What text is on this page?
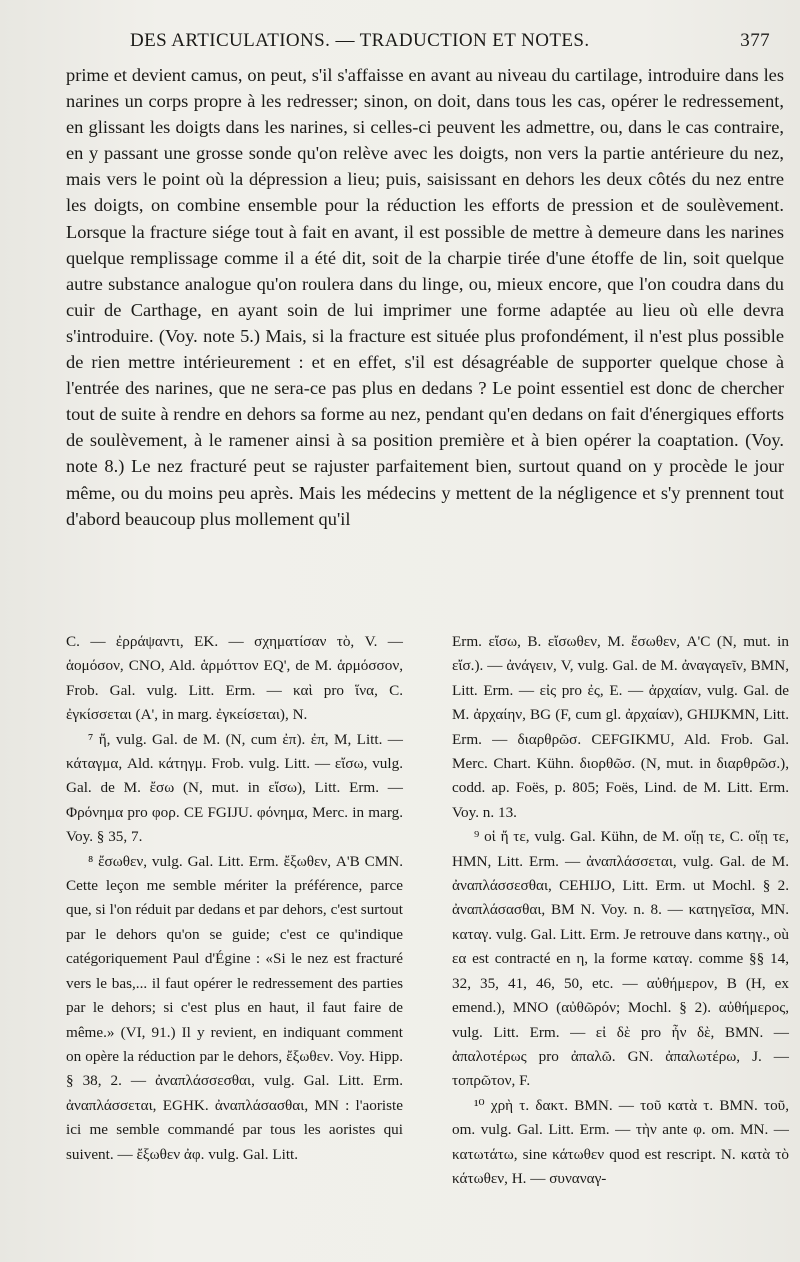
DES ARTICULATIONS. — TRADUCTION ET NOTES.	377

prime et devient camus, on peut, s'il s'affaisse en avant au niveau du cartilage, introduire dans les narines un corps propre à les redresser; sinon, on doit, dans tous les cas, opérer le redressement, en glissant les doigts dans les narines, si celles-ci peuvent les admettre, ou, dans le cas contraire, en y passant une grosse sonde qu'on relève avec les doigts, non vers la partie antérieure du nez, mais vers le point où la dépression a lieu; puis, saisissant en dehors les deux côtés du nez entre les doigts, on combine ensemble pour la réduction les efforts de pression et de soulèvement. Lorsque la fracture siége tout à fait en avant, il est possible de mettre à demeure dans les narines quelque remplissage comme il a été dit, soit de la charpie tirée d'une étoffe de lin, soit quelque autre substance analogue qu'on roulera dans du linge, ou, mieux encore, que l'on coudra dans du cuir de Carthage, en ayant soin de lui imprimer une forme adaptée au lieu où elle devra s'introduire. (Voy. note 5.) Mais, si la fracture est située plus profondément, il n'est plus possible de rien mettre intérieurement : et en effet, s'il est désagréable de supporter quelque chose à l'entrée des narines, que ne sera-ce pas plus en dedans ? Le point essentiel est donc de chercher tout de suite à rendre en dehors sa forme au nez, pendant qu'en dedans on fait d'énergiques efforts de soulèvement, à le ramener ainsi à sa position première et à bien opérer la coaptation. (Voy. note 8.) Le nez fracturé peut se rajuster parfaitement bien, surtout quand on y procède le jour même, ou du moins peu après. Mais les médecins y mettent de la négligence et s'y prennent tout d'abord beaucoup plus mollement qu'il

C. — ἐρράψαντι, EK. — σχηματίσαν τὸ, V. — ἁομόσον, CNO, Ald. ἁρμόττον EQ', de M. ἁρμόσσον, Frob. Gal. vulg. Litt. Erm. — καὶ pro ἵνα, C. ἐγκίσσεται (A', in marg. ἐγκείσεται), N.

⁷ ἤ, vulg. Gal. de M. (N, cum ἐπ). ἐπ, M, Litt. — κάταγμα, Ald. κάτηγμ. Frob. vulg. Litt. — εἴσω, vulg. Gal. de M. ἔσω (N, mut. in εἴσω), Litt. Erm. — Φρόνημα pro φορ. CE FGIJU. φόνημα, Merc. in marg. Voy. § 35, 7.

⁸ ἔσωθεν, vulg. Gal. Litt. Erm. ἔξωθεν, A'B CMN. Cette leçon me semble mériter la préférence, parce que, si l'on réduit par dedans et par dehors, c'est surtout par le dehors qu'on se guide; c'est ce qu'indique catégoriquement Paul d'Égine : «Si le nez est fracturé vers le bas,... il faut opérer le redressement des parties par le dehors; si c'est plus en haut, il faut faire de même.» (VI, 91.) Il y revient, en indiquant comment on opère la réduction par le dehors, ἔξωθεν. Voy. Hipp. § 38, 2. — ἀναπλάσσεσθαι, vulg. Gal. Litt. Erm. ἀναπλάσσεται, EGHK. ἀναπλάσασθαι, MN : l'aoriste ici me semble commandé par tous les aoristes qui suivent. — ἔξωθεν ἀφ. vulg. Gal. Litt.

Erm. εἴσω, B. εἴσωθεν, M. ἔσωθεν, A'C (N, mut. in εἴσ.). — ἀνάγειν, V, vulg. Gal. de M. ἀναγαγεῖν, BMN, Litt. Erm. — εἰς pro ἐς, E. — ἀρχαίαν, vulg. Gal. de M. ἀρχαίην, BG (F, cum gl. ἀρχαίαν), GHIJKMN, Litt. Erm. — διαρθρῶσ. CEFGIKMU, Ald. Frob. Gal. Merc. Chart. Kühn. διορθῶσ. (N, mut. in διαρθρῶσ.), codd. ap. Foës, p. 805; Foës, Lind. de M. Litt. Erm. Voy. n. 13.

⁹ οἱ ἤ τε, vulg. Gal. Kühn, de M. οἵῃ τε, C. οἵῃ τε, HMN, Litt. Erm. — ἀναπλάσσεται, vulg. Gal. de M. ἀναπλάσσεσθαι, CEHIJO, Litt. Erm. ut Mochl. § 2. ἀναπλάσασθαι, BM N. Voy. n. 8. — κατηγεῖσα, MN. καταγ. vulg. Gal. Litt. Erm. Je retrouve dans κατηγ., où εα est contracté en η, la forme καταγ. comme §§ 14, 32, 35, 41, 46, 50, etc. — αὐθήμερον, B (H, ex emend.), MNO (αὐθῶρόν; Mochl. § 2). αὐθήμερος, vulg. Litt. Erm. — εἰ δὲ pro ἦν δὲ, BMN. — ἀπαλοτέρως pro ἀπαλῶ. GN. ἀπαλωτέρω, J. — τοπρῶτον, F.

¹⁰ χρὴ τ. δακτ. BMN. — τοῦ κατὰ τ. BMN. τοῦ, om. vulg. Gal. Litt. Erm. — τὴν ante φ. om. MN. — κατωτάτω, sine κάτωθεν quod est rescript. N. κατὰ τὸ κάτωθεν, H. — συναναγ-
